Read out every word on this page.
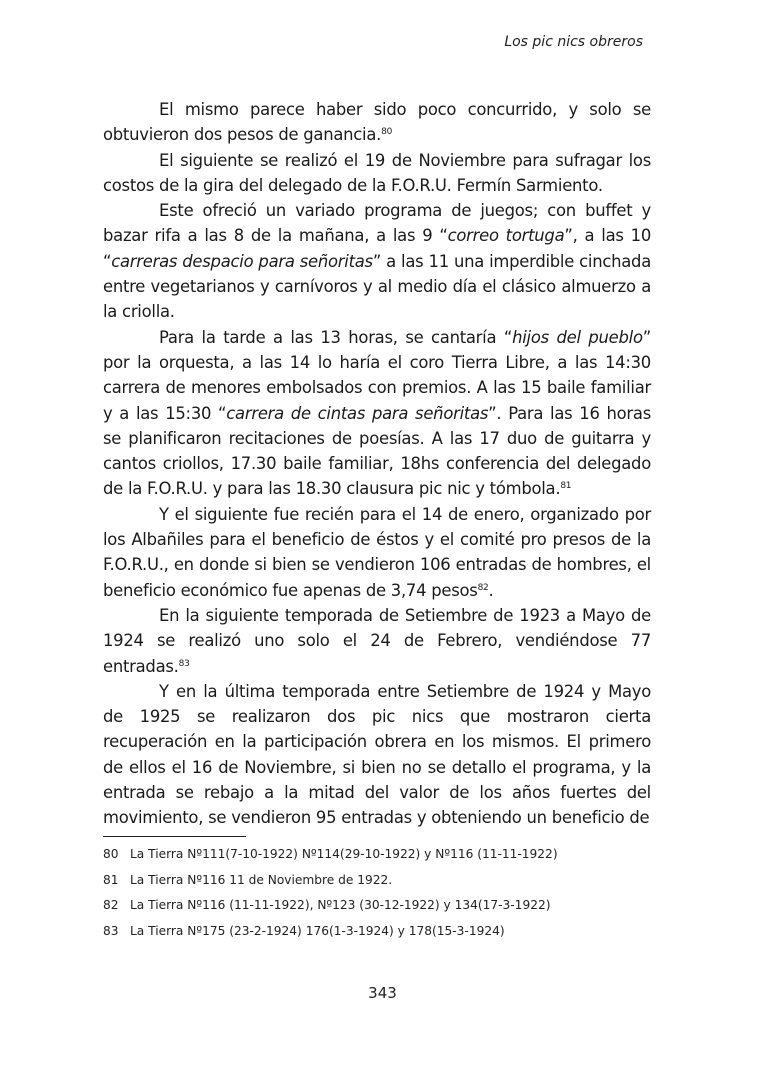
Los pic nics obreros

El mismo parece haber sido poco concurrido, y solo se obtuvieron dos pesos de ganancia.$^{80}$

El siguiente se realizó el 19 de Noviembre para sufragar los costos de la gira del delegado de la F.O.R.U. Fermín Sarmiento.

Este ofreció un variado programa de juegos; con buffet y bazar rifa a las 8 de la mañana, a las 9 “correo tortuga”, a las 10 “carreras despacio para señoritas” a las 11 una imperdible cinchada entre vegetarianos y carnívoros y al medio día el clásico almuerzo a la criolla.

Para la tarde a las 13 horas, se cantaría “hijos del pueblo” por la orquesta, a las 14 lo haría el coro Tierra Libre, a las 14:30 carrera de menores embolsados con premios. A las 15 baile familiar y a las 15:30 “carrera de cintas para señoritas”. Para las 16 horas se planificaron recitaciones de poesías. A las 17 duo de guitarra y cantos criollos, 17.30 baile familiar, 18hs conferencia del delegado de la F.O.R.U. y para las 18.30 clausura pic nic y tómbola.$^{81}$

Y el siguiente fue recién para el 14 de enero, organizado por los Albañiles para el beneficio de éstos y el comité pro presos de la F.O.R.U., en donde si bien se vendieron 106 entradas de hombres, el beneficio económico fue apenas de 3,74 pesos$^{82}$.

En la siguiente temporada de Setiembre de 1923 a Mayo de 1924 se realizó uno solo el 24 de Febrero, vendiéndose 77 entradas.$^{83}$

Y en la última temporada entre Setiembre de 1924 y Mayo de 1925 se realizaron dos pic nics que mostraron cierta recuperación en la participación obrera en los mismos. El primero de ellos el 16 de Noviembre, si bien no se detallo el programa, y la entrada se rebajo a la mitad del valor de los años fuertes del movimiento, se vendieron 95 entradas y obteniendo un beneficio de

80 La Tierra Nº111(7-10-1922) Nº114(29-10-1922) y Nº116 (11-11-1922)
81 La Tierra Nº116 11 de Noviembre de 1922.
82 La Tierra Nº116 (11-11-1922), Nº123 (30-12-1922) y 134(17-3-1922)
83 La Tierra Nº175 (23-2-1924) 176(1-3-1924) y 178(15-3-1924)
343
